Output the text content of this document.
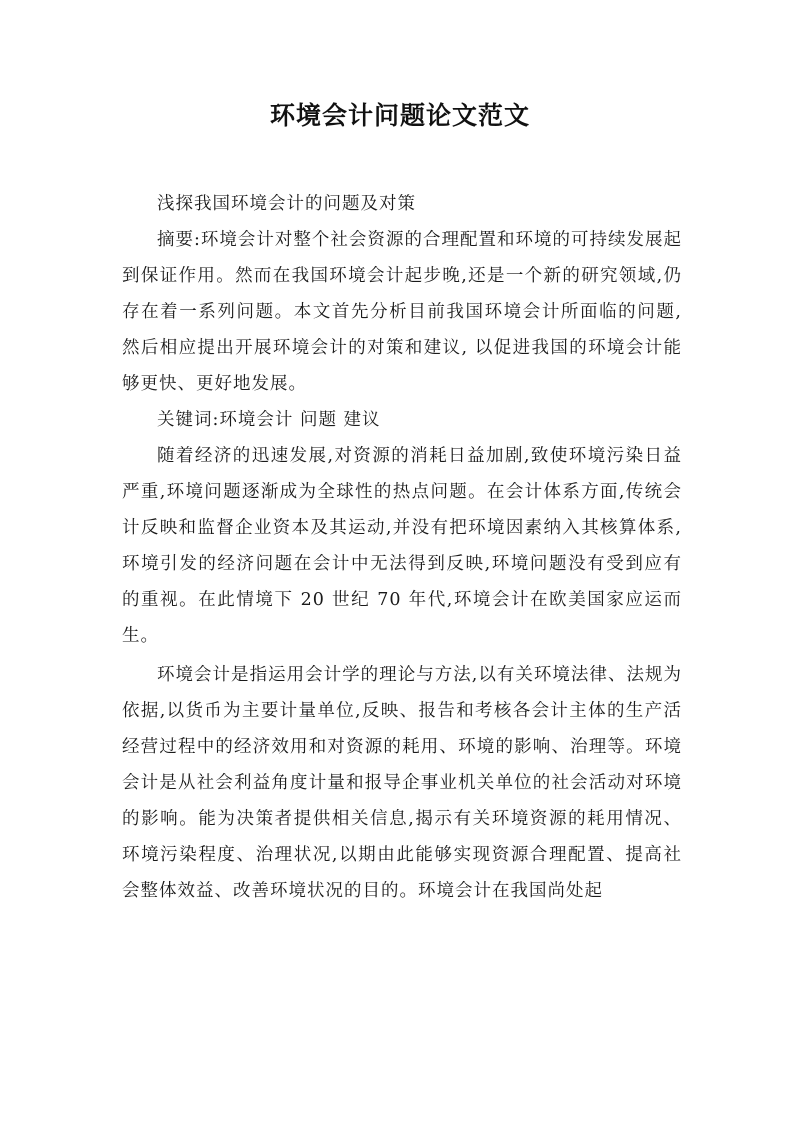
环境会计问题论文范文

浅探我国环境会计的问题及对策

摘要:环境会计对整个社会资源的合理配置和环境的可持续发展起到保证作用。然而在我国环境会计起步晚,还是一个新的研究领域,仍存在着一系列问题。本文首先分析目前我国环境会计所面临的问题, 然后相应提出开展环境会计的对策和建议, 以促进我国的环境会计能够更快、更好地发展。

关键词:环境会计 问题 建议

随着经济的迅速发展,对资源的消耗日益加剧,致使环境污染日益严重,环境问题逐渐成为全球性的热点问题。在会计体系方面,传统会计反映和监督企业资本及其运动,并没有把环境因素纳入其核算体系,环境引发的经济问题在会计中无法得到反映,环境问题没有受到应有的重视。在此情境下 20 世纪 70 年代,环境会计在欧美国家应运而生。

环境会计是指运用会计学的理论与方法,以有关环境法律、法规为依据,以货币为主要计量单位,反映、报告和考核各会计主体的生产活经营过程中的经济效用和对资源的耗用、环境的影响、治理等。环境会计是从社会利益角度计量和报导企事业机关单位的社会活动对环境的影响。能为决策者提供相关信息,揭示有关环境资源的耗用情况、环境污染程度、治理状况,以期由此能够实现资源合理配置、提高社会整体效益、改善环境状况的目的。环境会计在我国尚处起
